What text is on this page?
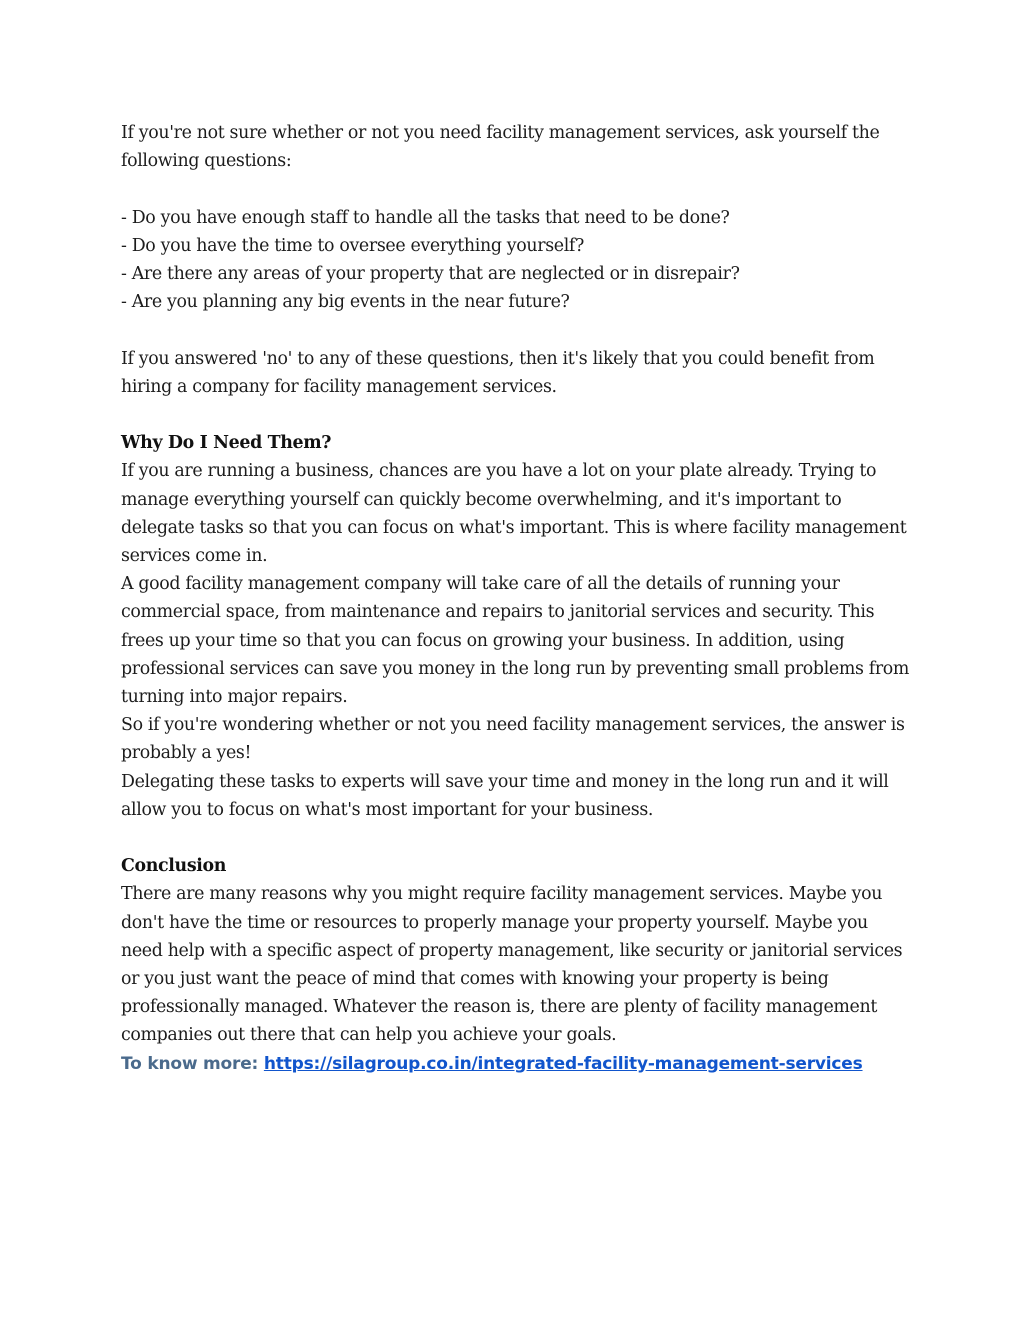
If you're not sure whether or not you need facility management services, ask yourself the following questions:

- Do you have enough staff to handle all the tasks that need to be done?

- Do you have the time to oversee everything yourself?

- Are there any areas of your property that are neglected or in disrepair?

- Are you planning any big events in the near future?

If you answered 'no' to any of these questions, then it's likely that you could benefit from hiring a company for facility management services.

Why Do I Need Them?

If you are running a business, chances are you have a lot on your plate already. Trying to manage everything yourself can quickly become overwhelming, and it's important to delegate tasks so that you can focus on what's important. This is where facility management services come in.

A good facility management company will take care of all the details of running your commercial space, from maintenance and repairs to janitorial services and security. This frees up your time so that you can focus on growing your business. In addition, using professional services can save you money in the long run by preventing small problems from turning into major repairs.

So if you're wondering whether or not you need facility management services, the answer is probably a yes!

Delegating these tasks to experts will save your time and money in the long run and it will allow you to focus on what's most important for your business.

Conclusion

There are many reasons why you might require facility management services. Maybe you don't have the time or resources to properly manage your property yourself. Maybe you need help with a specific aspect of property management, like security or janitorial services or you just want the peace of mind that comes with knowing your property is being professionally managed. Whatever the reason is, there are plenty of facility management companies out there that can help you achieve your goals.

To know more: https://silagroup.co.in/integrated-facility-management-services
